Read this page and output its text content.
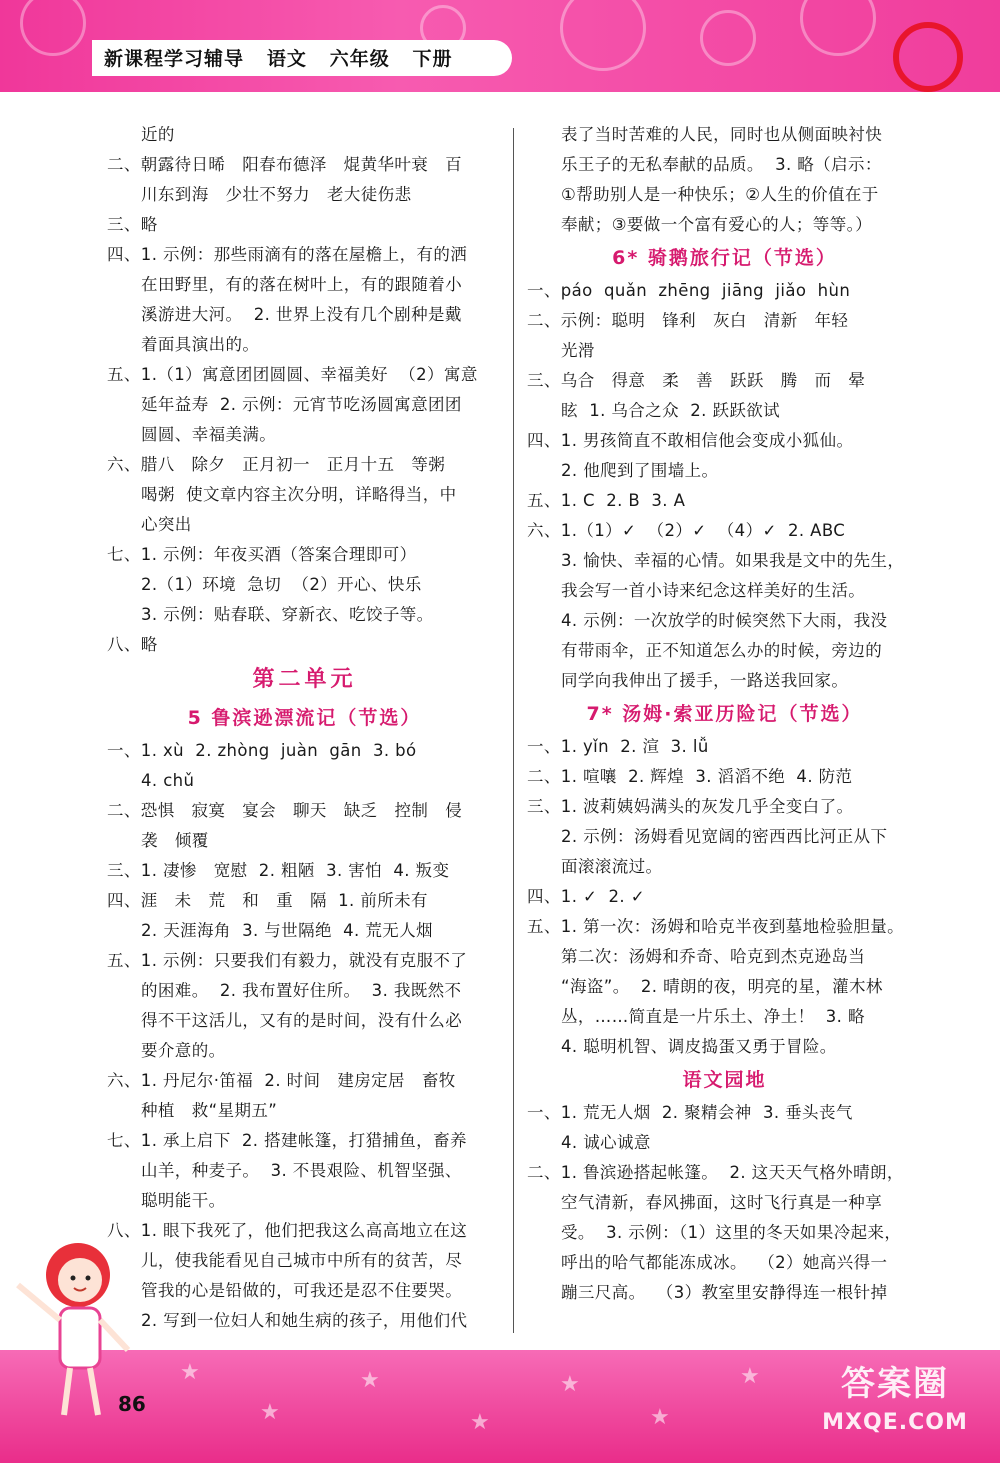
新课程学习辅导   语文   六年级   下册
近的
二、朝露待日晞   阳春布德泽   焜黄华叶衰   百
川东到海   少壮不努力   老大徒伤悲
三、略
四、1. 示例：那些雨滴有的落在屋檐上，有的洒
在田野里，有的落在树叶上，有的跟随着小
溪游进大河。  2. 世界上没有几个剧种是戴
着面具演出的。
五、1.（1）寓意团团圆圆、幸福美好  （2）寓意
延年益寿  2. 示例：元宵节吃汤圆寓意团团
圆圆、幸福美满。
六、腊八   除夕   正月初一   正月十五   等粥
喝粥  使文章内容主次分明，详略得当，中
心突出
七、1. 示例：年夜买酒（答案合理即可）
2.（1）环境  急切  （2）开心、快乐
3. 示例：贴春联、穿新衣、吃饺子等。
八、略
第二单元
5 鲁滨逊漂流记（节选）
一、1. xù  2. zhòng  juàn  gān  3. bó
4. chǔ
二、恐惧   寂寞   宴会   聊天   缺乏   控制   侵
袭   倾覆
三、1. 凄惨   宽慰  2. 粗陋  3. 害怕  4. 叛变
四、涯   未   荒   和   重   隔  1. 前所未有
2. 天涯海角  3. 与世隔绝  4. 荒无人烟
五、1. 示例：只要我们有毅力，就没有克服不了
的困难。  2. 我布置好住所。  3. 我既然不
得不干这活儿，又有的是时间，没有什么必
要介意的。
六、1. 丹尼尔·笛福  2. 时间   建房定居   畜牧
种植   救“星期五”
七、1. 承上启下  2. 搭建帐篷，打猎捕鱼，畜养
山羊，种麦子。  3. 不畏艰险、机智坚强、
聪明能干。
八、1. 眼下我死了，他们把我这么高高地立在这
儿，使我能看见自己城市中所有的贫苦，尽
管我的心是铅做的，可我还是忍不住要哭。
2. 写到一位妇人和她生病的孩子，用他们代
表了当时苦难的人民，同时也从侧面映衬快
乐王子的无私奉献的品质。  3. 略（启示：
①帮助别人是一种快乐；②人生的价值在于
奉献；③要做一个富有爱心的人；等等。）
6* 骑鹅旅行记（节选）
一、páo  quǎn  zhēng  jiāng  jiǎo  hùn
二、示例：聪明   锋利   灰白   清新   年轻
光滑
三、乌合   得意   柔   善   跃跃   腾   而   晕
眩  1. 乌合之众  2. 跃跃欲试
四、1. 男孩简直不敢相信他会变成小狐仙。
2. 他爬到了围墙上。
五、1. C  2. B  3. A
六、1.（1）✓  （2）✓  （4）✓  2. ABC
3. 愉快、幸福的心情。如果我是文中的先生，
我会写一首小诗来纪念这样美好的生活。
4. 示例：一次放学的时候突然下大雨，我没
有带雨伞，正不知道怎么办的时候，旁边的
同学向我伸出了援手，一路送我回家。
7* 汤姆·索亚历险记（节选）
一、1. yǐn  2. 渲  3. lǚ
二、1. 喧嚷  2. 辉煌  3. 滔滔不绝  4. 防范
三、1. 波莉姨妈满头的灰发几乎全变白了。
2. 示例：汤姆看见宽阔的密西西比河正从下
面滚滚流过。
四、1. ✓  2. ✓
五、1. 第一次：汤姆和哈克半夜到墓地检验胆量。
第二次：汤姆和乔奇、哈克到杰克逊岛当
“海盗”。  2. 晴朗的夜，明亮的星，灌木林
丛，……简直是一片乐土、净土！  3. 略
4. 聪明机智、调皮捣蛋又勇于冒险。
语文园地
一、1. 荒无人烟  2. 聚精会神  3. 垂头丧气
4. 诚心诚意
二、1. 鲁滨逊搭起帐篷。  2. 这天天气格外晴朗，
空气清新，春风拂面，这时飞行真是一种享
受。  3. 示例：（1）这里的冬天如果冷起来，
呼出的哈气都能冻成冰。  （2）她高兴得一
蹦三尺高。  （3）教室里安静得连一根针掉
★
★
★
★
★
★
★
86	答案圈
MXQE.COM
